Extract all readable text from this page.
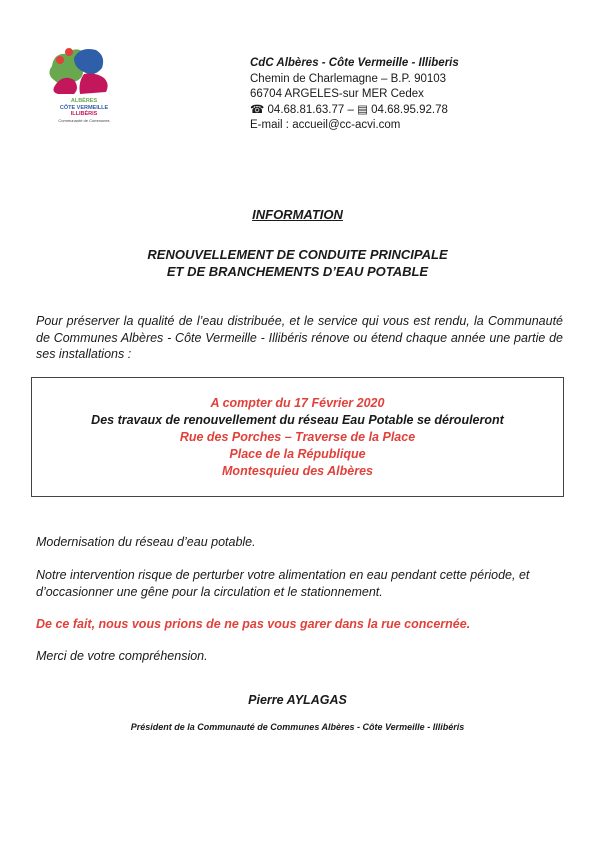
ALBÈRES
CÔTE VERMEILLE
ILLIBÉRIS
Communauté de Communes
CdC Albères - Côte Vermeille - Illiberis
Chemin de Charlemagne – B.P. 90103
66704 ARGELES-sur MER Cedex
☎ 04.68.81.63.77 – ▤ 04.68.95.92.78
E-mail : accueil@cc-acvi.com
INFORMATION
RENOUVELLEMENT DE CONDUITE PRINCIPALE
ET DE BRANCHEMENTS D’EAU POTABLE
Pour préserver la qualité de l’eau distribuée, et le service qui vous est rendu, la Communauté de Communes Albères - Côte Vermeille - Illibéris rénove ou étend chaque année une partie de ses installations :
A compter du 17 Février 2020
Des travaux de renouvellement du réseau Eau Potable se dérouleront
Rue des Porches – Traverse de la Place
Place de la République
Montesquieu des Albères
Modernisation du réseau d’eau potable.
Notre intervention risque de perturber votre alimentation en eau pendant cette période, et d’occasionner une gêne pour la circulation et le stationnement.
De ce fait, nous vous prions de ne pas vous garer dans la rue concernée.
Merci de votre compréhension.
Pierre AYLAGAS
Président de la Communauté de Communes Albères - Côte Vermeille - Illibéris
